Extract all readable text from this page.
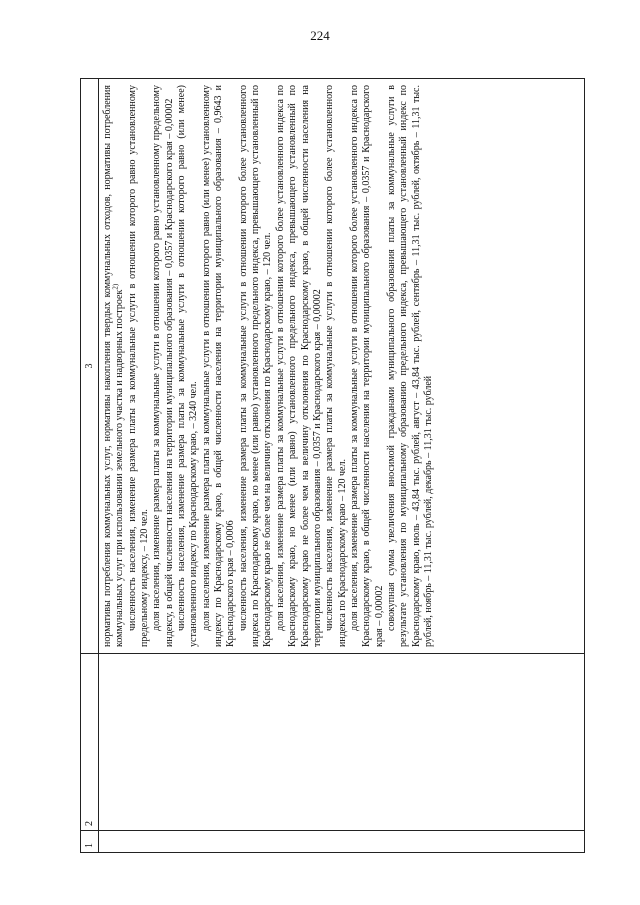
224
1
2
3 нормативы потребления коммунальных услуг, нормативы накопления твердых коммунальных отходов, нормативы потребления коммунальных услуг при использовании земельного участка и надворных построек$^{2)}$ численность населения, изменение размера платы за коммунальные услуги в отношении которого равно установленному предельному индексу, – 120 чел. доля населения, изменение размера платы за коммунальные услуги в отношении которого равно установленному предельному индексу, в общей численности населения на территории муниципального образования – 0,0357 и Краснодарского края – 0,00002 численность населения, изменение размера платы за коммунальные услуги в отношении которого равно (или менее) установленного индексу по Краснодарскому краю, – 3240 чел. доля населения, изменение размера платы за коммунальные услуги в отношении которого равно (или менее) установленному индексу по Краснодарскому краю, в общей численности населения на территории муниципального образования – 0,9643 и Краснодарского края – 0,0006 численность населения, изменение размера платы за коммунальные услуги в отношении которого более установленного индекса по Краснодарскому краю, но менее (или равно) установленного предельного индекса, превышающего установленный по Краснодарскому краю не более чем на величину отклонения по Краснодарскому краю, – 120 чел. доля населения, изменение размера платы за коммунальные услуги в отношении которого более установленного индекса по Краснодарскому краю, но менее (или равно) установленного предельного индекса, превышающего установленный по Краснодарскому краю не более чем на величину отклонения по Краснодарскому краю, в общей численности населения на территории муниципального образования – 0,0357 и Краснодарского края – 0,00002 численность населения, изменение размера платы за коммунальные услуги в отношении которого более установленного индекса по Краснодарскому краю – 120 чел. доля населения, изменение размера платы за коммунальные услуги в отношении которого более установленного индекса по Краснодарскому краю, в общей численности населения на территории муниципального образования – 0,0357 и Краснодарского края – 0,00002 совокупная сумма увеличения вносимой гражданами муниципального образования платы за коммунальные услуги в результате установления по муниципальному образованию предельного индекса, превышающего установленный индекс по Краснодарскому краю, июль – 43,84 тыс. рублей, август – 43,84 тыс. рублей, сентябрь – 11,31 тыс. рублей, октябрь – 11,31 тыс. рублей, ноябрь – 11,31 тыс. рублей, декабрь – 11,31 тыс. рублей
